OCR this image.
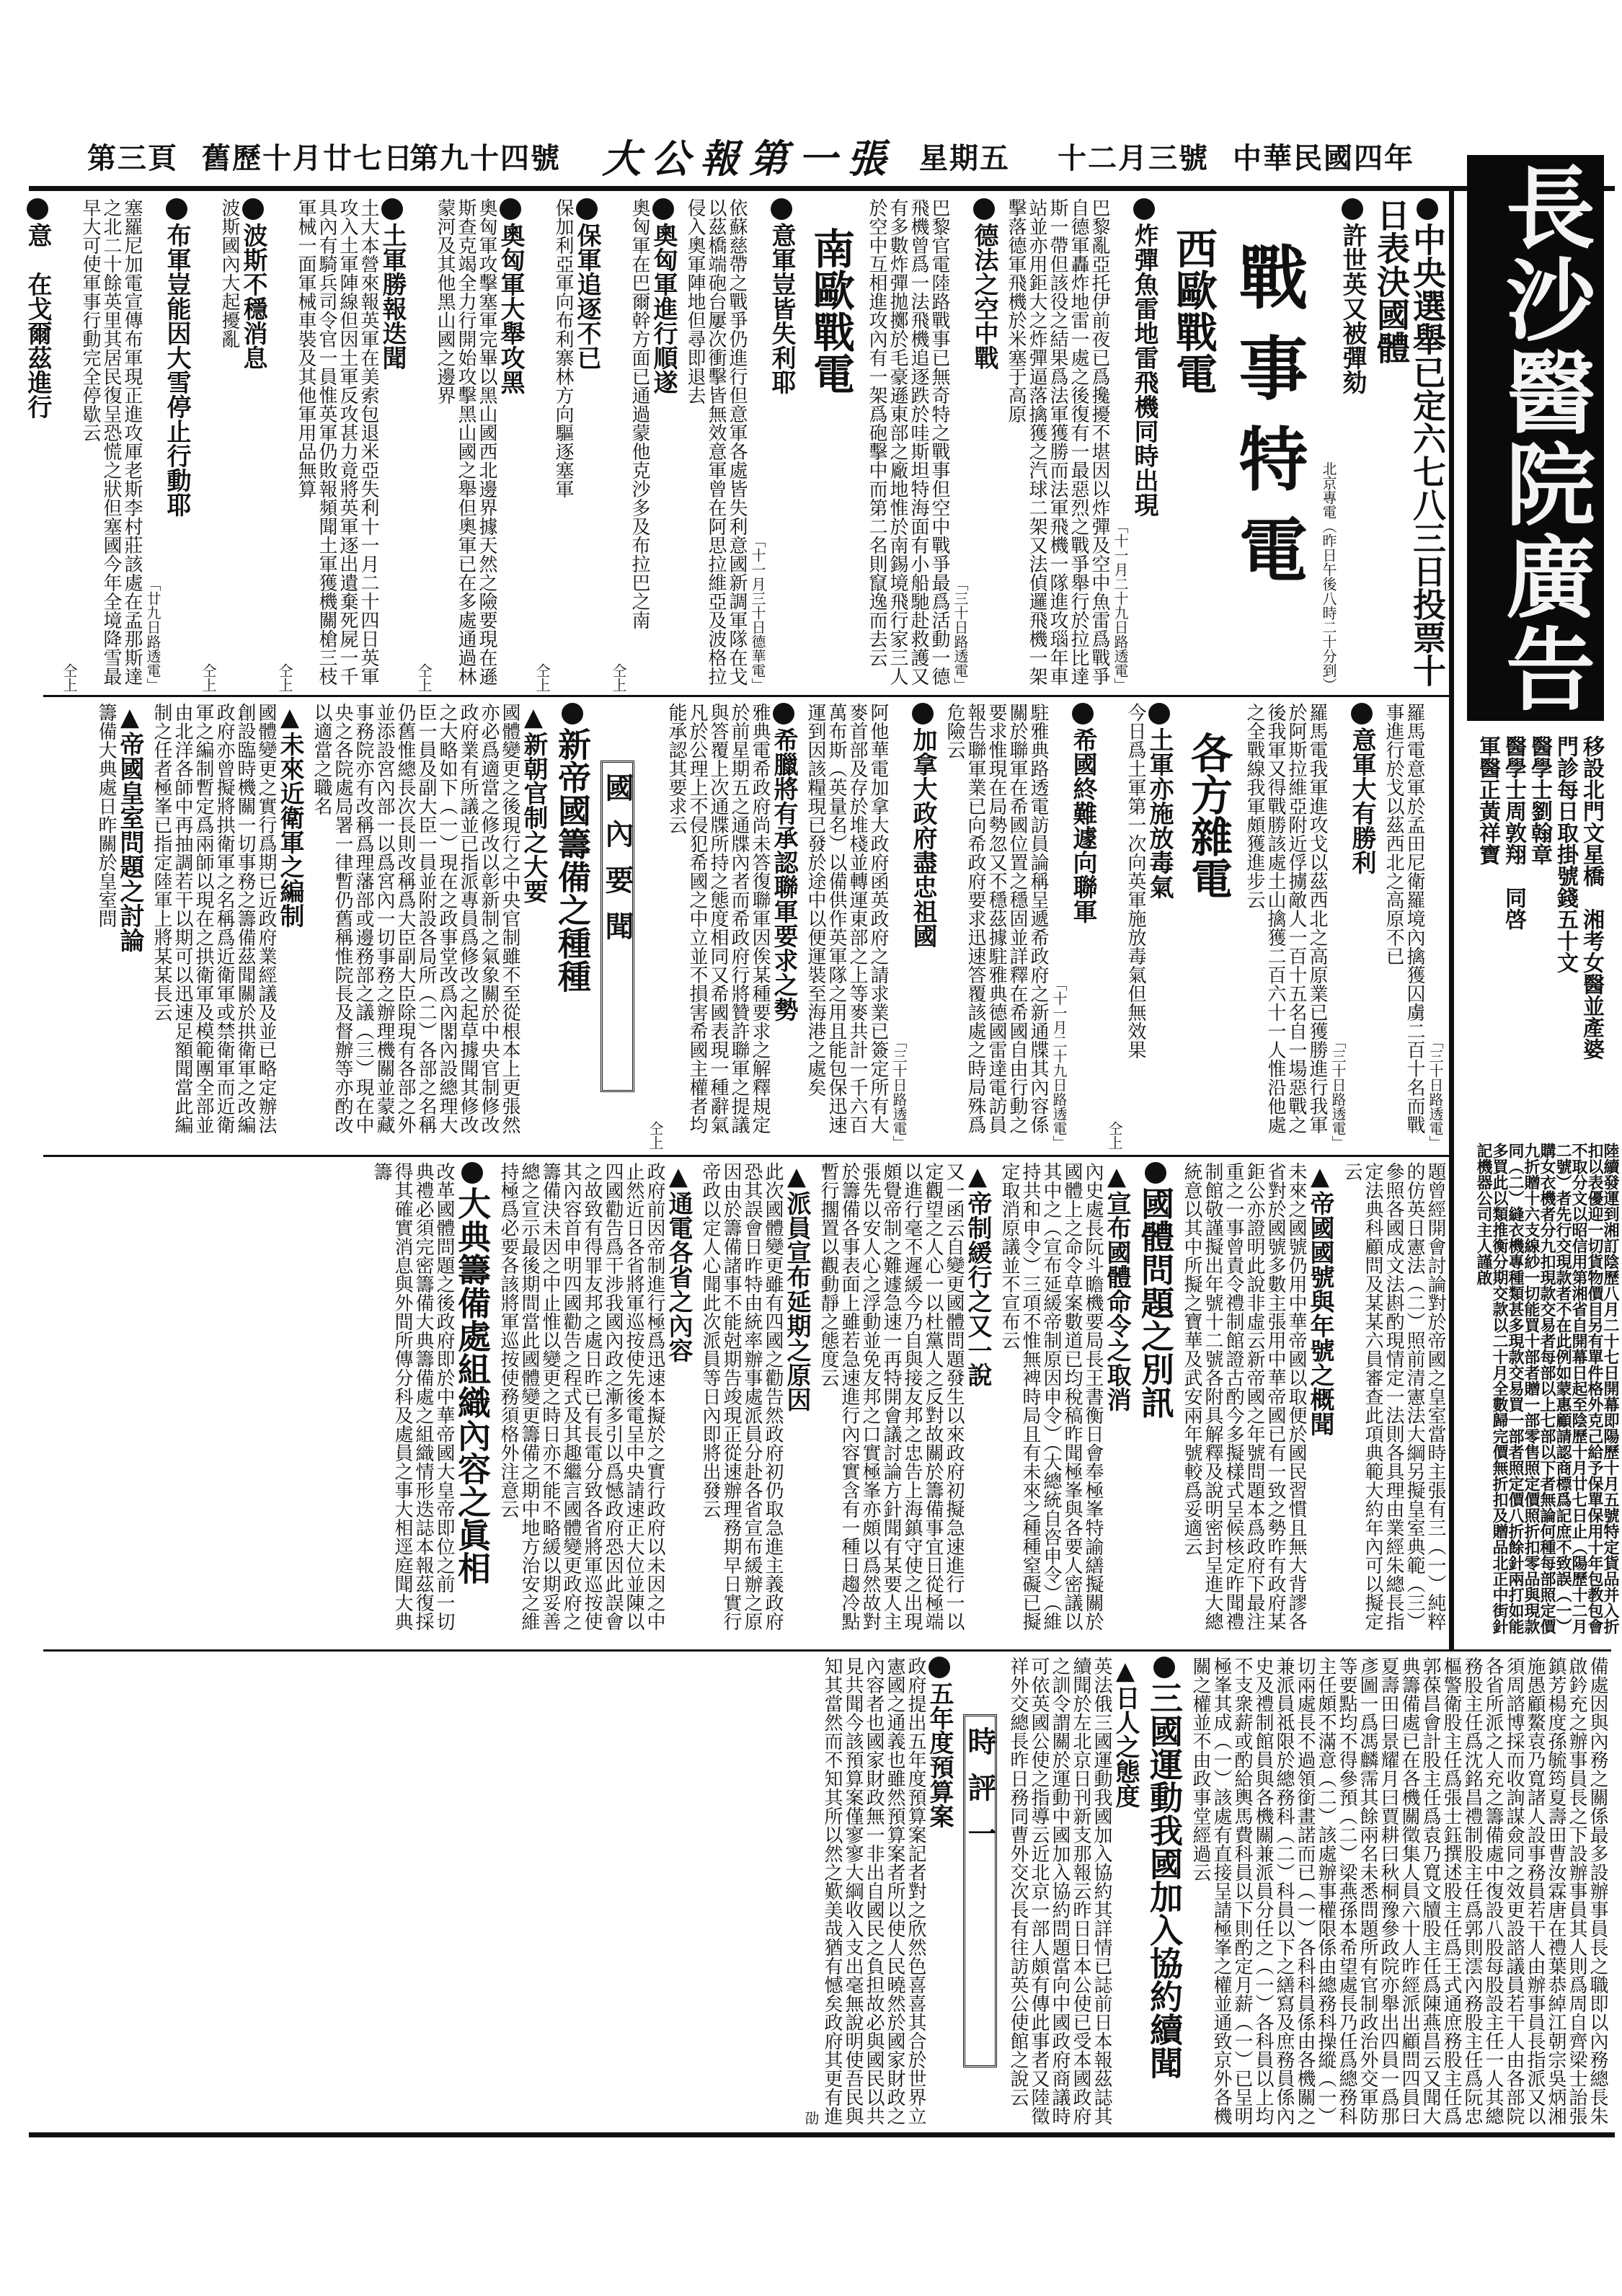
中華民國四年
十二月三號
星期五
大公報第一張
第九十四號
舊歷十月廿七日
第三頁
長沙醫院廣告
移設北門文星橋　湘考女醫並產婆
門診每日取掛號錢五十文
醫學士劉翰章
醫學士周敦翔　同啓
軍醫正黃祥寶
陸續發運到湘訂陰歷八月二十七日開幕即陽歷十月五號特定貨品并入折扣以表優迎一切貨物價目另有單件格外克己給予保單保用十年包教包會不取分文以昭信用第湘省自開幕日起至陰歷十月廿七日止（陽歷十二月二號）者先行交現款者不在此例如蒙惠顧請認商標爲記庶不致誤（一）購女衣機者分九扣現款交易者每部以上七部以下者無論何種每部照定價九折贈十六支線紗一切能買十部者贈一部零售照定價照折扣零品與現款同（二）縫衣機專種類甚多現款交易買一部者照定價八折餘針兩打如能多買此以類推衡分期交款以二十月全數歸完價無折扣及贈品北正中街針記機器公司主人謹啟
中央選舉已定六七八三日投票十日表決國體
許世英又被彈劾
北京專電（昨日午後八時二十分到）
戰事特電
西歐戰電
炸彈魚雷地雷飛機同時出現
「十一月二十九日路透電」
巴黎亂亞托伊前夜已爲攙擾不堪因以炸彈及空中魚雷爲戰爭自德軍轟炸地雷一處之後復有一最惡烈之戰爭舉行於拉比達斯一帶但該役之結果爲法軍獲勝而法軍飛機一隊進攻瑙年車站並亦用鉅大之炸彈逼落擒獲之汽球二架又法偵邏飛機一架擊落德軍飛機於米塞于高原
德法之空中戰
「三十日路透電」
巴黎官電陸路戰事已無奇特之戰事但空中戰爭最爲活動一德飛機曾爲一法飛機追逐跌於哇斯坦特海面有小船馳赴救護又有多數炸彈拋擲於毛豪遜東部之廠地惟於南錫境飛行家三人於空中互相進攻內有一架爲砲擊中而第二名則竄逸而去云
南歐戰電
意軍豈皆失利耶
「十一月三十日德華電」
依蘇慈帶之戰爭仍進行但意軍各處皆失利意國新調軍隊在戈以茲橋端砲台屢次衝擊皆無效意軍曾在阿思拉維亞及波格拉侵入奧軍陣地但尋即退去
奧匈軍進行順遂
奧匈軍在巴爾幹方面已通過蒙他克沙多及布拉巴之南
仝上
保軍追逐不已
保加利亞軍向布利寨林方向驅逐塞軍
仝上
奧匈軍大舉攻黑
奧匈軍攻擊塞軍完畢以黑山國西北邊界據天然之險要現在遜斯查克竭全力行開始攻擊黑山國之舉但奧軍已在多處通過林蒙河及其他黑山國之邊界
仝上
土軍勝報迭聞
土大本營來報英軍在美索包退米亞失利十一月二十四日英軍攻入土軍陣線但因土軍反攻甚力竟將英軍逐出遺棄死屍一千具內有騎兵司令官一員惟英軍仍敗報頻聞土軍獲機關槍三枝軍械一面軍械車裝及其他軍用品無算
仝上
波斯不穩消息
波斯國內大起擾亂
仝上
布軍豈能因大雪停止行動耶
「廿九日路透電」
塞羅尼加電宣傳布軍現正進攻厙老斯李村莊該處在孟那斯達之北二十餘英里其居民復呈恐慌之狀但塞國今年全境降雪最早大可使軍事行動完全停歇云
仝上
意　在戈爾茲進行
「三十日路透電」
羅馬電意軍於孟田尼衛羅境內擒獲囚虜二百十名而戰事進行於戈以茲西北之高原不已
意軍大有勝利
「三十日路透電」
羅馬電我軍進攻戈以茲西北之高原業已獲勝進行我軍於阿斯拉維亞附近俘擄敵人一百十五名自一場惡戰之後我軍又得戰勝該處土山擒獲二百六十一人惟沿他處之全戰線我軍頗獲進步云
各方雜電
土軍亦施放毒氣
今日爲土軍第一次向英軍施放毒氣但無效果
仝上
希國終難遽向聯軍
「十一月二十九日路透電」
駐雅典路透電訪員論稱呈遞希政府之新通牒其內容係關於聯軍在希國位置之穩固並詳釋在希國自由行動之要求惟現在局勢忽又不穩茲據駐雅典德國雷達電訪員報告聯軍業已向希政府要求迅速答覆該處之時局殊爲危險云
加拿大政府盡忠祖國
「三十日路透電」
阿他華電加拿大政府函英政府之請求業已簽定所有大麥首部及存於堆棧並轉運東部之上等麥共計一千六百萬布斯（英量名）以備供作英軍隊之用且能包保迅速運到因該糧現已發於途中以便運裝至海港之處矣
希臘將有承認聯軍要求之勢
雅典電希政府尚未答復聯軍因俟某種要求之解釋規定於前星期五之通牒內者而希政府行將贊許聯軍之提議與答覆上次通牒所持之態度相同又希國表現一種辭氣凡於公理上不侵犯希國之中立並不損害希國主權者均能承認其要求云
仝上
國內要聞
新帝國籌備之種種
▲新朝官制之大要
國體變更之後現行之中央官制雖不至從根本上更張然亦必爲適當之修改以彰新制之氣象關於中央官制修改政府業有所議並已指派專員爲修改之起草據聞其修改之大略如下（一）現在之政事堂改爲內閣內設總理大臣一員及副大臣一員並附設各局所（二）各部之名稱仍舊惟總長次長則改稱爲大臣副大臣除現有各部之外並添設宮內部一以爲宮內一切事務之辦理機關並蒙藏事務院亦有改稱爲理藩部或邊務部之議（三）現在中央之各院處局署一律暫仍舊稱惟院長及督辦等亦酌改以適當之職名
▲未來近衛軍之編制
國體變更之實行爲期已近政府業經議及並已略定辦法創設臨時機關一切事務之籌備茲聞關於拱衛軍之改編政府亦曾擬將拱衛軍之名稱爲近衛軍或禁衛軍而近衛軍之編制暫定爲兩師以現在之拱衛軍及模範團全部並由北洋各師中再抽調若干以期可以迅速足額聞當此編制之任者極峯已指定陸軍上將某某長云
▲帝國皇室問題之討論
籌備大典處日昨關於皇室問
題曾經開會討論對於帝國之皇室當時主張有三（一）純粹的仿英日憲法（二）照前清憲法大綱另擬皇室典範（三）參照各國成文法斟酌現情定一法則各具理由業經朱總長指定法典科顧問及某某六員審查此項典範大約年內可以擬定云
▲帝國國號與年號之概聞
未來之國號仍用中華帝國以取便於國民習慣且無大背謬各省對於國號多數主張用中華帝國已有一致之勢昨有政府某鉅公亦證明此說非虛云新帝國之年號問題本爲政府下最注重之一事曾責令禮制館證古酌今多擬樣式呈候核定昨聞禮制館敬謹擬出年號十二號各附具解釋及說明密封呈進大總統意以其中所擬之寶華及武安兩年號較爲妥適云
國體問題之別訊
▲宣布國體命令之取消
內史處長阮斗瞻機要局長王書衡日會奉極峯特諭繕擬關於國體上之命令草案數道已均稅稿昨聞極峯與各要人密議以其中之（宣布延緩帝制原因申令）（大總統自咨申令）（維持共和申令）三項不惟無裨時局且有未來之種種窒礙已擬定取消原議並不宣布云
▲帝制緩行之又一說
又一函云自變更國體問題發生以來政府初擬急速進行一以定觀望之人心一以杜黨人之反對故關於籌備事宜日從極端以進行毫不遲緩今乃自與接友邦之忠告上海鎮守使之出現頗覺帝制之難遽急速一再特開會議討論方針聞有某要人主張先以安人心之浮動並免友邦之口實極峯亦頗以爲然故對於籌備各事表面上雖若急速進行內容實含有一種日趨冷點暫行擱置以觀動靜之態度云
▲派員宣布延期之原因
此次國體變更雖有四國之勸告然政府初仍取急進主義政府恐其誤會日昨特由統率辦事處派員分赴各省宣布緩辦之原因由於籌備諸事不能尅期告竣現正從速辦理務期早日實行帝政以定人心聞此次派員等日內即將出發云
▲通電各省之內容
政府前因帝制進行極爲迅速本擬於之實行政府以未因之中止然近日各省將軍巡按使先後電呈中央請速正大位並陳以四國勸告爲干涉我國內政之漸多引以爲憾政府恐因此誤會之故致有得罪友邦之處日昨已有長電分致各省將軍巡按使其內容首申明四國勸告之程式及其趣繼言國體變更政府之籌備決未因之中止惟以變更之時日亦不能不略緩以期妥善總之宣示最後期間當此國體變更籌備之期中地方治安之維持極爲必要各該將軍巡按使務須格外注意云
大典籌備處組織內容之眞相
改革國體問題之後政府即於中華帝國大皇帝即位之前一切典禮必須完密籌備大典籌備處之組織情形迭誌本報茲復採得其確實消息與外間所傳分科及處員之事大相逕庭聞大典籌
備處因與內務之關係最多設辦事員長之職即以內務總長朱啟鈐充之辦事員長之下設辦事員其人則爲周自齊梁士詒張鎮芳楊度孫毓筠夏壽田曹汝霖唐在禮葉恭綽江朝宗吳炳湘施愚顧鰲袁乃寬諸人設事務員若干人由辦事員長指派又以須周諮博採而收詢謀僉同之效更設諮議員若干人由各部院各省所派之人充之籌備處中復設八股每股設主任一人其總務股主任爲沈銘昌禮制股主任爲郭則澐內務股主任爲阮忠樞警衛股主任爲張士鈺撰述股主任爲王式通庶務股主任爲郭葆昌會計股主任爲袁乃寬文牘股主任爲陳燕昌云又聞大典籌備處已在各機關徵集人員六十人昨經派出顧問四員曰夏壽田曰景耀月曰賈耕曰秋桐豫參政院亦舉出四員一爲那彥圖一爲馮麟霈其餘兩名未悉問題所有官制政治外交軍防等要點均不得參預（二）梁燕孫本希望處長乃任爲總務科主任頗不滿意（二）該處辦事權限係由總務科操縱（一）切兩處長不過領銜畫諾而已（一）各科科員係由各機關之兼派員祗限於總務科（二）科員以下之繕寫及庶務員係內史及禮制館員與各機關兼派員分任之（一）各科員以上均不支衆薪或酌給輿馬費科員以下則酌定月薪（一）已呈明極峯其成（一）該處有直接呈請極峯之權並通致京外各機關之權並不由政事堂經過云
三國運動我國加入協約續聞
▲日人之態度
英法俄三國運動我國加入協約其詳情已誌前日本報茲誌其續聞於左北京日刊新支那報云昨日日本公使已受本國政府之訓令謂關於運動中國加入協約問題當向中國政府商議時可依英國公使之指導云近北京一部人頗有傳此事者又陸徵祥外交總長昨日務同曹外交次長有往訪英公使館之說云
時評一
五年度預算案
政府提出五年度預算案記者對之欣然色喜喜其合於世界立憲國之通義也雖然預算案者所以使人民曉然於國家財政之內容者也國家財政無一非出自國民之負担故必與國民以共見共聞今該預算案僅寥寥大綱收入支出毫無說明使吾民與知其當然而不知其所以然之歎美哉猶有憾矣政府其更有進
劭
